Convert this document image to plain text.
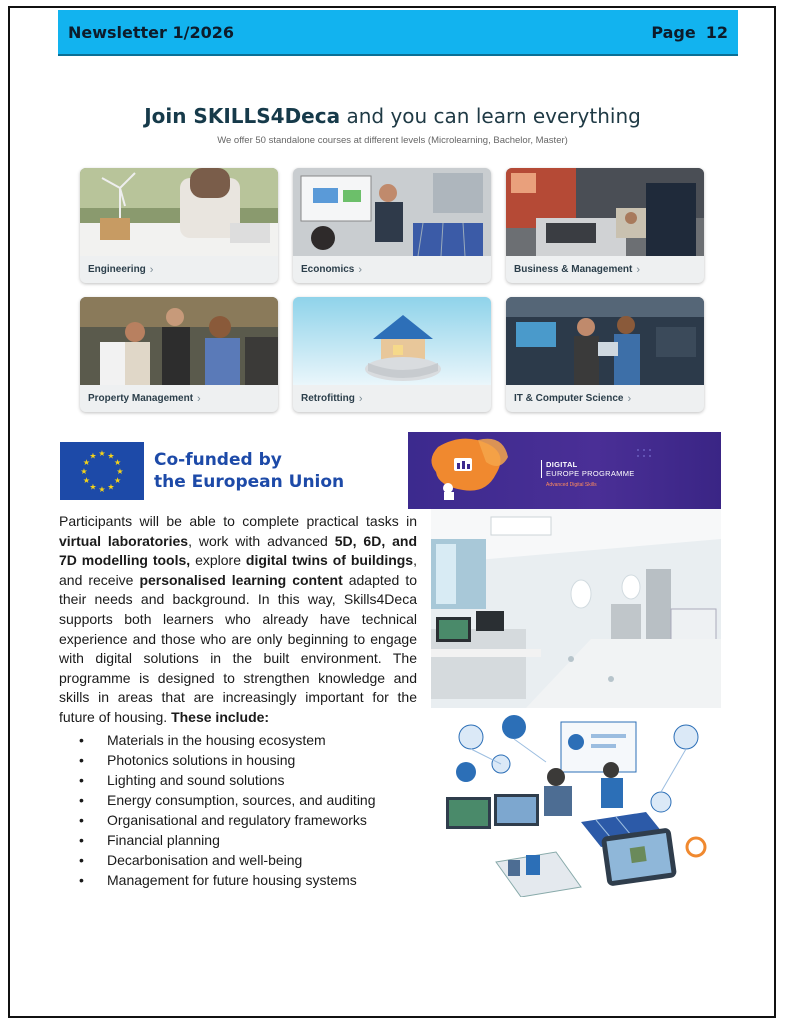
Newsletter 1/2026	Page 12
Join SKILLS4Deca and you can learn everything
We offer 50 standalone courses at different levels (Microlearning, Bachelor, Master)
Engineering ›	Economics ›	Business & Management ›
Property Management ›	Retrofitting ›	IT & Computer Science ›
★ ★
★
★
★
★
★
★
★
★
★
★	Co-funded by
the European Union
DIGITAL
EUROPE PROGRAMME
Advanced Digital Skills
Participants will be able to complete practical tasks in virtual laboratories, work with advanced 5D, 6D, and 7D modelling tools, explore digital twins of buildings, and receive personalised learning content adapted to their needs and background. In this way, Skills4Deca supports both learners who already have technical experience and those who are only beginning to engage with digital solutions in the built environment. The programme is designed to strengthen knowledge and skills in areas that are increasingly important for the future of housing. These include:
•	Materials in the housing ecosystem
•	Photonics solutions in housing
•	Lighting and sound solutions
•	Energy consumption, sources, and auditing
•	Organisational and regulatory frameworks
•	Financial planning
•	Decarbonisation and well-being
•	Management for future housing systems
